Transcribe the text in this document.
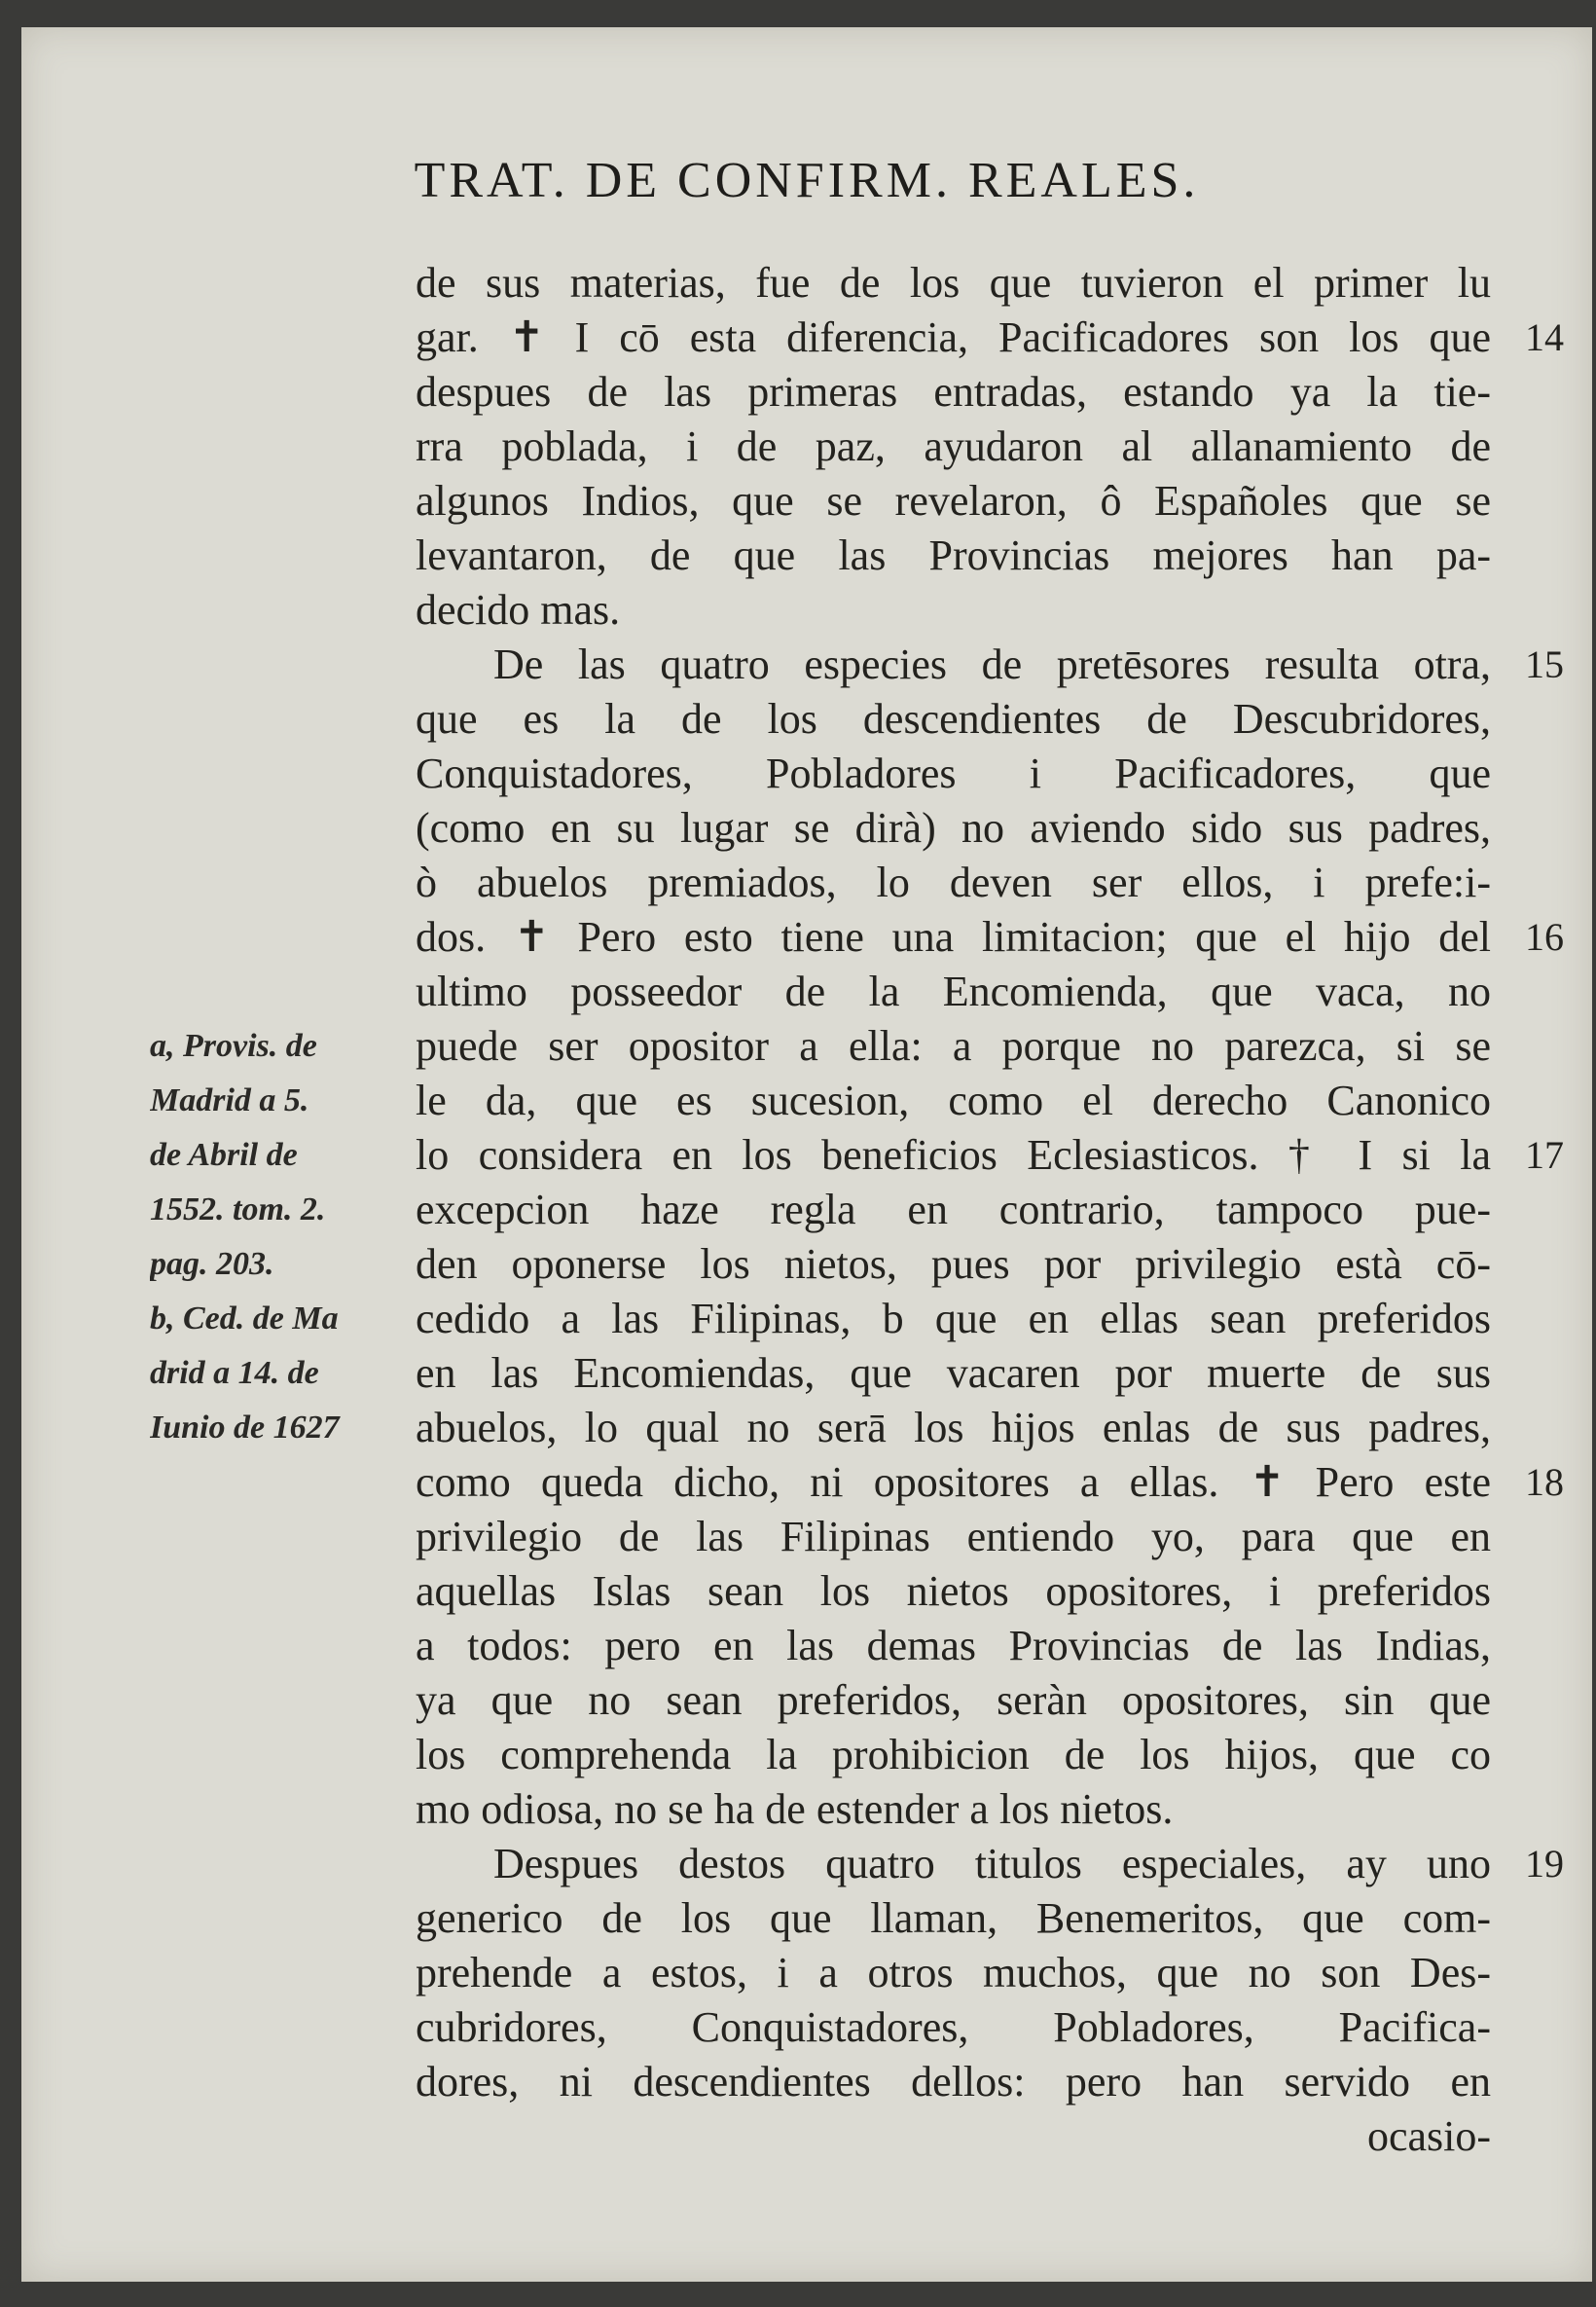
TRAT. DE CONFIRM. REALES.
de sus materias, fue de los que tuvieron el primer lu
gar. ✝ I cō esta diferencia, Pacificadores son los que
despues de las primeras entradas, estando ya la tie-
rra poblada, i de paz, ayudaron al allanamiento de
algunos Indios, que se revelaron, ô Españoles que se
levantaron, de que las Provincias mejores han pa-
decido mas.
De las quatro especies de pretēsores resulta otra,
que es la de los descendientes de Descubridores,
Conquistadores, Pobladores i Pacificadores, que
(como en su lugar se dirà) no aviendo sido sus padres,
ò abuelos premiados, lo deven ser ellos, i prefe:i-
dos. ✝ Pero esto tiene una limitacion; que el hijo del
ultimo posseedor de la Encomienda, que vaca, no
puede ser opositor a ella: a porque no parezca, si se
le da, que es sucesion, como el derecho Canonico
lo considera en los beneficios Eclesiasticos. † I si la
excepcion haze regla en contrario, tampoco pue-
den oponerse los nietos, pues por privilegio està cō-
cedido a las Filipinas, b que en ellas sean preferidos
en las Encomiendas, que vacaren por muerte de sus
abuelos, lo qual no serā los hijos enlas de sus padres,
como queda dicho, ni opositores a ellas. ✝ Pero este
privilegio de las Filipinas entiendo yo, para que en
aquellas Islas sean los nietos opositores, i preferidos
a todos: pero en las demas Provincias de las Indias,
ya que no sean preferidos, seràn opositores, sin que
los comprehenda la prohibicion de los hijos, que co
mo odiosa, no se ha de estender a los nietos.
Despues destos quatro titulos especiales, ay uno
generico de los que llaman, Benemeritos, que com-
prehende a estos, i a otros muchos, que no son Des-
cubridores, Conquistadores, Pobladores, Pacifica-
dores, ni descendientes dellos: pero han servido en
ocasio-
14
15
16
17
18
19
a, Provis. de
Madrid a 5.
de Abril de
1552. tom. 2.
pag. 203.
b, Ced. de Ma
drid a 14. de
Iunio de 1627
